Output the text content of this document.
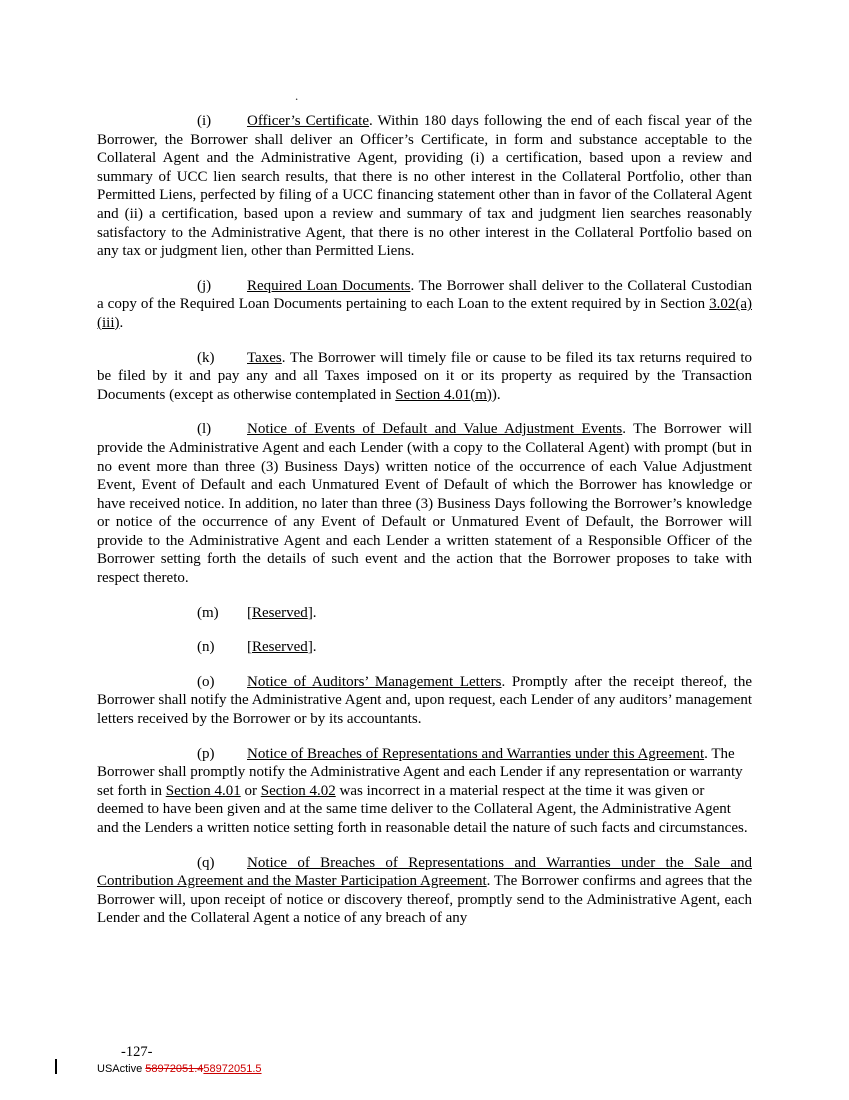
.

(i) Officer’s Certificate. Within 180 days following the end of each fiscal year of the Borrower, the Borrower shall deliver an Officer’s Certificate, in form and substance acceptable to the Collateral Agent and the Administrative Agent, providing (i) a certification, based upon a review and summary of UCC lien search results, that there is no other interest in the Collateral Portfolio, other than Permitted Liens, perfected by filing of a UCC financing statement other than in favor of the Collateral Agent and (ii) a certification, based upon a review and summary of tax and judgment lien searches reasonably satisfactory to the Administrative Agent, that there is no other interest in the Collateral Portfolio based on any tax or judgment lien, other than Permitted Liens.

(j) Required Loan Documents. The Borrower shall deliver to the Collateral Custodian a copy of the Required Loan Documents pertaining to each Loan to the extent required by in Section 3.02(a)(iii).

(k) Taxes. The Borrower will timely file or cause to be filed its tax returns required to be filed by it and pay any and all Taxes imposed on it or its property as required by the Transaction Documents (except as otherwise contemplated in Section 4.01(m)).

(l) Notice of Events of Default and Value Adjustment Events. The Borrower will provide the Administrative Agent and each Lender (with a copy to the Collateral Agent) with prompt (but in no event more than three (3) Business Days) written notice of the occurrence of each Value Adjustment Event, Event of Default and each Unmatured Event of Default of which the Borrower has knowledge or have received notice. In addition, no later than three (3) Business Days following the Borrower’s knowledge or notice of the occurrence of any Event of Default or Unmatured Event of Default, the Borrower will provide to the Administrative Agent and each Lender a written statement of a Responsible Officer of the Borrower setting forth the details of such event and the action that the Borrower proposes to take with respect thereto.

(m) [Reserved].

(n) [Reserved].

(o) Notice of Auditors’ Management Letters. Promptly after the receipt thereof, the Borrower shall notify the Administrative Agent and, upon request, each Lender of any auditors’ management letters received by the Borrower or by its accountants.

(p) Notice of Breaches of Representations and Warranties under this Agreement. The Borrower shall promptly notify the Administrative Agent and each Lender if any representation or warranty set forth in Section 4.01 or Section 4.02 was incorrect in a material respect at the time it was given or deemed to have been given and at the same time deliver to the Collateral Agent, the Administrative Agent and the Lenders a written notice setting forth in reasonable detail the nature of such facts and circumstances.

(q) Notice of Breaches of Representations and Warranties under the Sale and Contribution Agreement and the Master Participation Agreement. The Borrower confirms and agrees that the Borrower will, upon receipt of notice or discovery thereof, promptly send to the Administrative Agent, each Lender and the Collateral Agent a notice of any breach of any

-127-
USActive 58972051.458972051.5
